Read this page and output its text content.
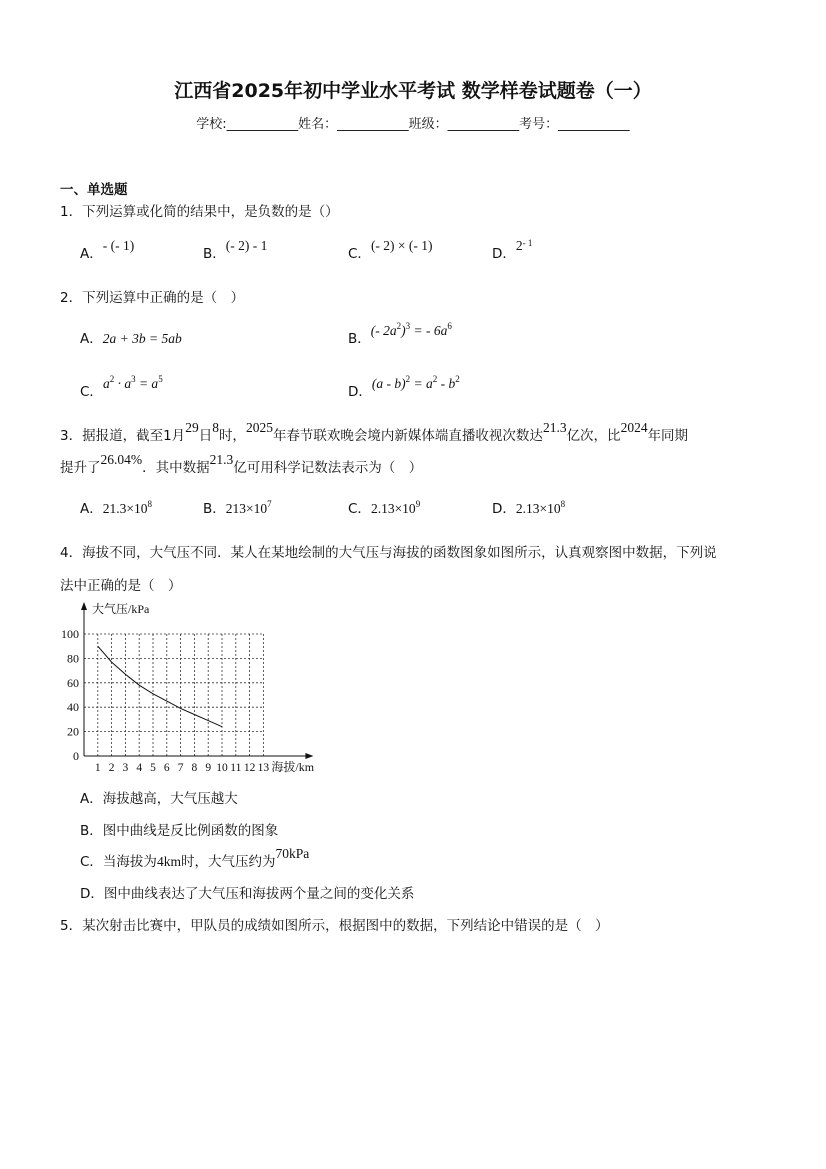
江西省2025年初中学业水平考试 数学样卷试题卷（一）
学校:___________姓名：___________班级：___________考号：___________
一、单选题
1．下列运算或化简的结果中，是负数的是（）
A．- (- 1)
B．(- 2) - 1
C．(- 2) × (- 1)
D．$2^{- 1}$
2．下列运算中正确的是（　）
A．2a + 3b = 5ab	B．(- $2a^2)^3$ = - $6a^6$
C．$a^2 \cdot a^3 = a^5$
D．$(a - b)^2 = a^2 - b^2$
3．据报道，截至1月29日8时，2025年春节联欢晚会境内新媒体端直播收视次数达21.3亿次，比2024年同期
提升了26.04%．其中数据21.3亿可用科学记数法表示为（　）
A．$21.3\times 10^8$	B．$213\times 10^7$	C．$2.13\times 10^9$	D．$2.13\times 10^8$
4．海拔不同，大气压不同．某人在某地绘制的大气压与海拔的函数图象如图所示，认真观察图中数据，下列说
法中正确的是（　）
0
20
40
60
80
100
1 2 3 4 5 6 7 8 9 10 11 12 13
大气压/kPa
海拔/km
A．海拔越高，大气压越大
B．图中曲线是反比例函数的图象
C．当海拔为4km时，大气压约为70kPa
D．图中曲线表达了大气压和海拔两个量之间的变化关系
5．某次射击比赛中，甲队员的成绩如图所示，根据图中的数据，下列结论中错误的是（　）
